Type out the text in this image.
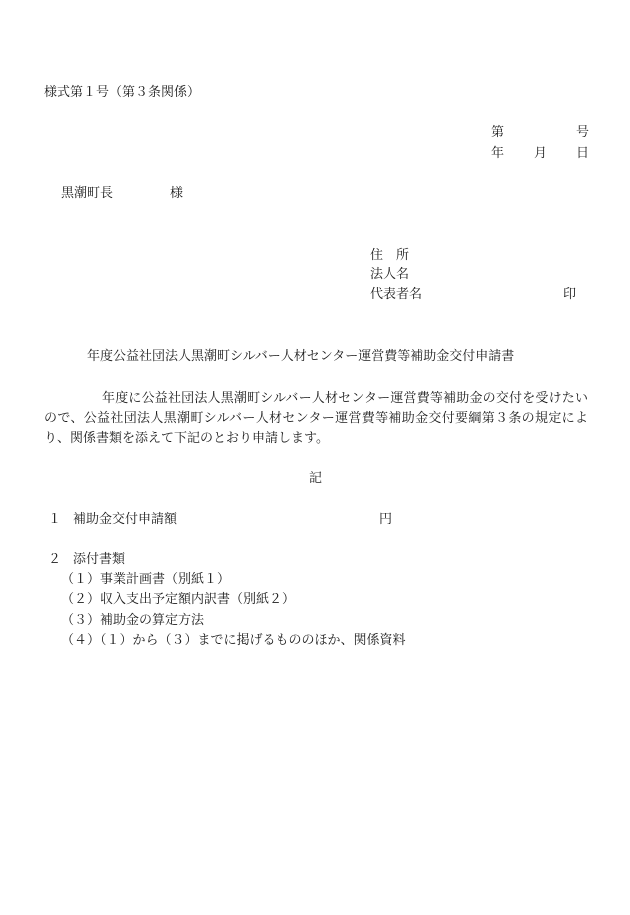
様式第１号（第３条関係）
第	号
年 月 日
黒潮町長	様
住　所
法人名
代表者名	印
年度公益社団法人黒潮町シルバー人材センター運営費等補助金交付申請書
年度に公益社団法人黒潮町シルバー人材センター運営費等補助金の交付を受けたいので、公益社団法人黒潮町シルバー人材センター運営費等補助金交付要綱第３条の規定により、関係書類を添えて下記のとおり申請します。
記
１ 補助金交付申請額	円
２ 添付書類
（１）事業計画書（別紙１）
（２）収入支出予定額内訳書（別紙２）
（３）補助金の算定方法
（４）（１）から（３）までに掲げるもののほか、関係資料
